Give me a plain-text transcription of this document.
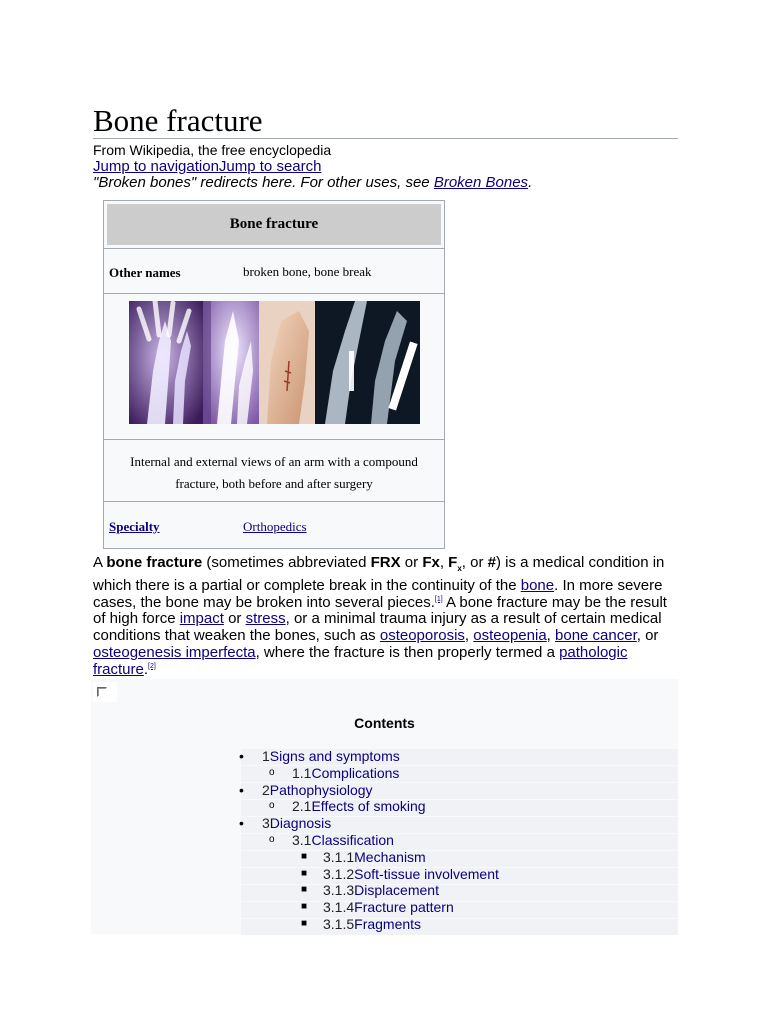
Bone fracture
From Wikipedia, the free encyclopedia
Jump to navigationJump to search
"Broken bones" redirects here. For other uses, see Broken Bones.
Bone fracture
Other names	broken bone, bone break
Internal and external views of an arm with a compound fracture, both before and after surgery
Specialty	Orthopedics

A bone fracture (sometimes abbreviated FRX or Fx, $F_x$, or #) is a medical condition in which there is a partial or complete break in the continuity of the bone. In more severe cases, the bone may be broken into several pieces.[1] A bone fracture may be the result of high force impact or stress, or a minimal trauma injury as a result of certain medical conditions that weaken the bones, such as osteoporosis, osteopenia, bone cancer, or osteogenesis imperfecta, where the fracture is then properly termed a pathologic fracture.[2]

Contents
• 1Signs and symptoms
o 1.1Complications
• 2Pathophysiology
o 2.1Effects of smoking
• 3Diagnosis
o 3.1Classification
■ 3.1.1Mechanism
■ 3.1.2Soft-tissue involvement
■ 3.1.3Displacement
■ 3.1.4Fracture pattern
■ 3.1.5Fragments
